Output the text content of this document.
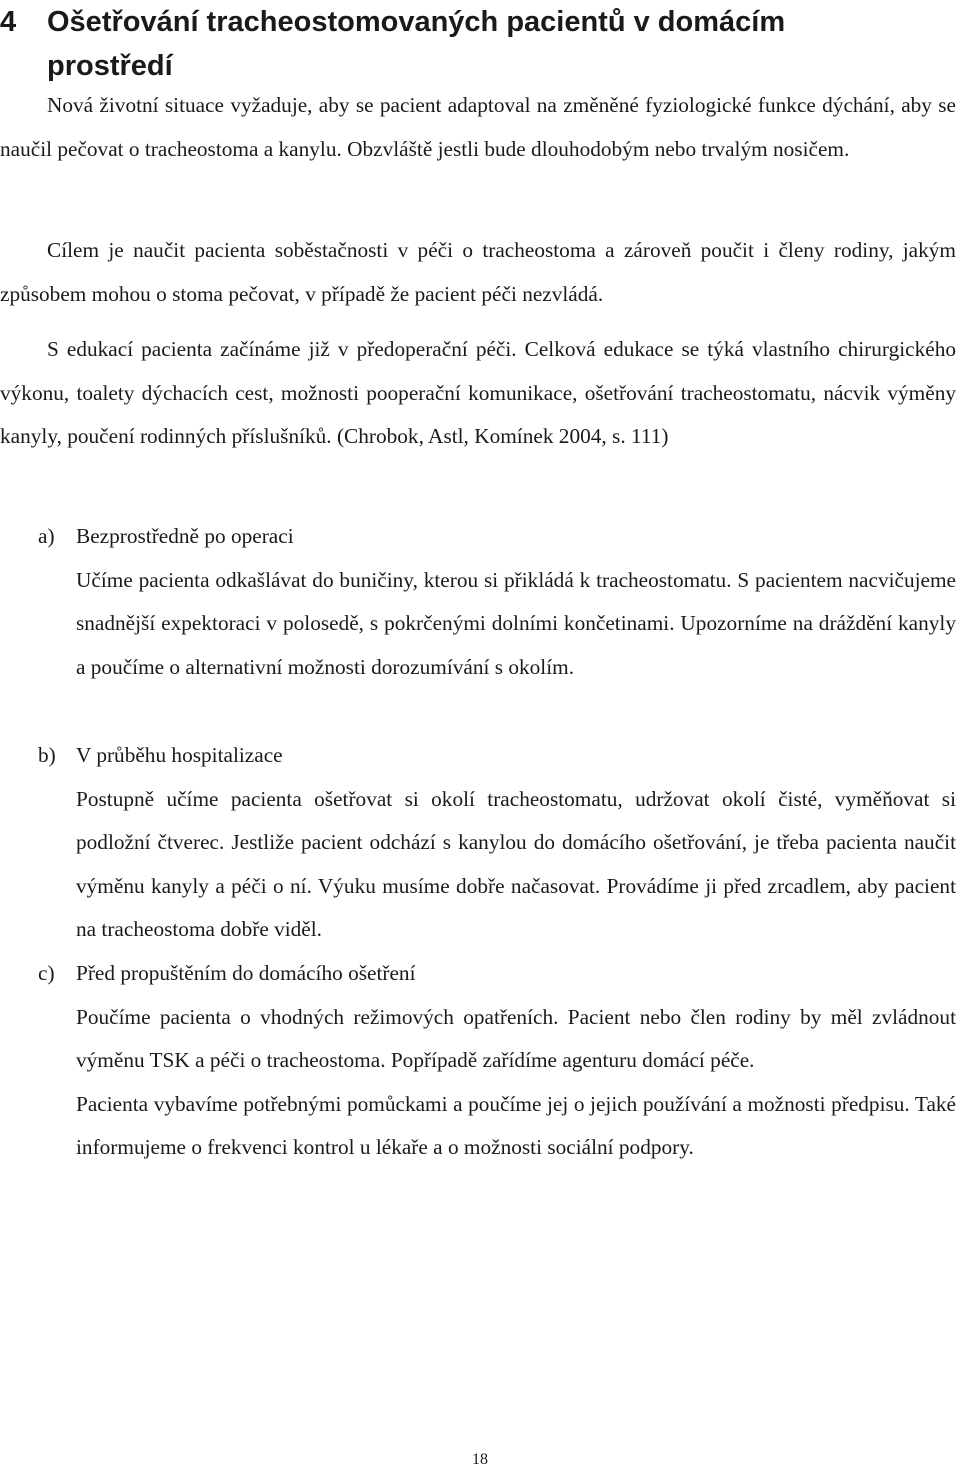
4 Ošetřování tracheostomovaných pacientů v domácím
prostředí

Nová životní situace vyžaduje, aby se pacient adaptoval na změněné fyziologické funkce dýchání, aby se naučil pečovat o tracheostoma a kanylu. Obzvláště jestli bude dlouhodobým nebo trvalým nosičem.

Cílem je naučit pacienta soběstačnosti v péči o tracheostoma a zároveň poučit i členy rodiny, jakým způsobem mohou o stoma pečovat, v případě že pacient péči nezvládá.

S edukací pacienta začínáme již v předoperační péči. Celková edukace se týká vlastního chirurgického výkonu, toalety dýchacích cest, možnosti pooperační komunikace, ošetřování tracheostomatu, nácvik výměny kanyly, poučení rodinných příslušníků. (Chrobok, Astl, Komínek 2004, s. 111)

a) Bezprostředně po operaci

Učíme pacienta odkašlávat do buničiny, kterou si přikládá k tracheostomatu. S pacientem nacvičujeme snadnější expektoraci v polosedě, s pokrčenými dolními končetinami. Upozorníme na dráždění kanyly a poučíme o alternativní možnosti dorozumívání s okolím.

b) V průběhu hospitalizace

Postupně učíme pacienta ošetřovat si okolí tracheostomatu, udržovat okolí čisté, vyměňovat si podložní čtverec. Jestliže pacient odchází s kanylou do domácího ošetřování, je třeba pacienta naučit výměnu kanyly a péči o ní. Výuku musíme dobře načasovat. Provádíme ji před zrcadlem, aby pacient na tracheostoma dobře viděl.

c) Před propuštěním do domácího ošetření

Poučíme pacienta o vhodných režimových opatřeních. Pacient nebo člen rodiny by měl zvládnout výměnu TSK a péči o tracheostoma. Popřípadě zařídíme agenturu domácí péče.

Pacienta vybavíme potřebnými pomůckami a poučíme jej o jejich používání a možnosti předpisu. Také informujeme o frekvenci kontrol u lékaře a o možnosti sociální podpory.

18
